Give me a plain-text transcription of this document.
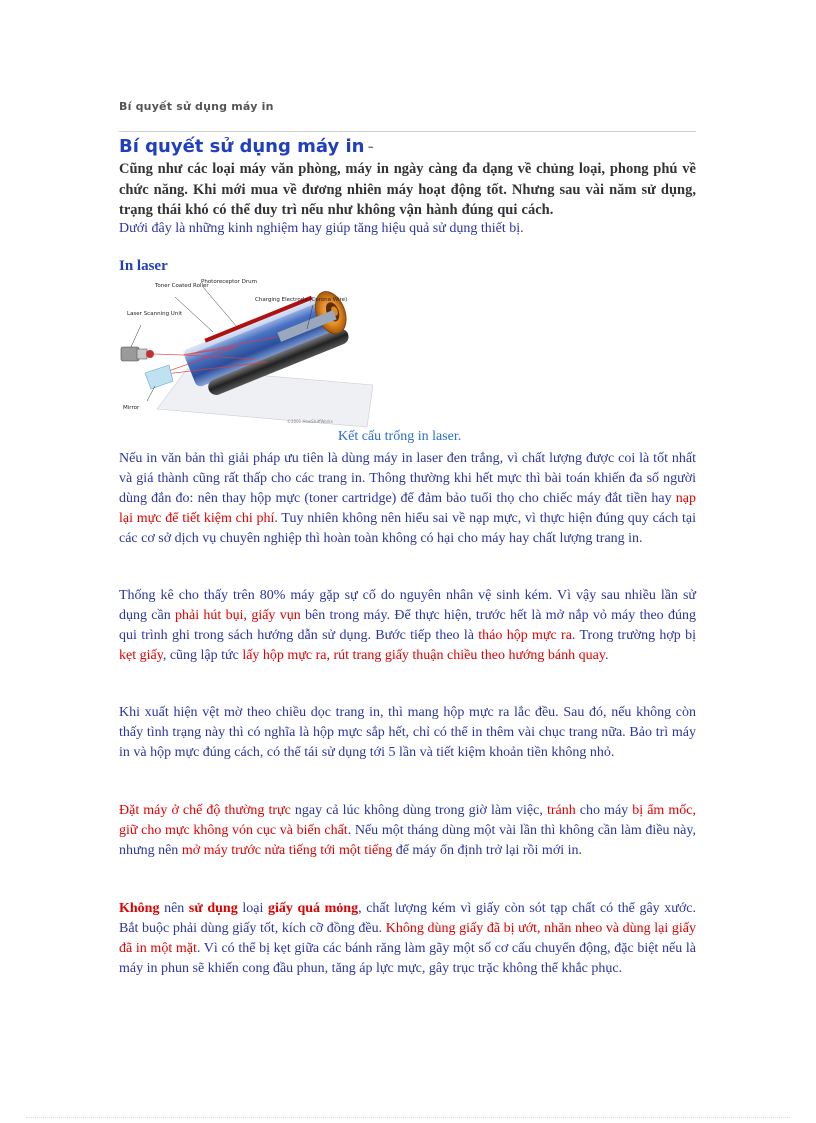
Bí quyết sử dụng máy in
Bí quyết sử dụng máy in -
Cũng như các loại máy văn phòng, máy in ngày càng đa dạng về chủng loại, phong phú về chức năng. Khi mới mua về đương nhiên máy hoạt động tốt. Nhưng sau vài năm sử dụng, trạng thái khó có thể duy trì nếu như không vận hành đúng qui cách.
Dưới đây là những kinh nghiệm hay giúp tăng hiệu quả sử dụng thiết bị.
In laser
Charging Electrode (Corona Wire)
Laser Scanning Unit
Toner Coated Roller
Photoreceptor Drum
Mirror
©2001 HowStuffWorks
Kết cấu trống in laser.

Nếu in văn bản thì giải pháp ưu tiên là dùng máy in laser đen trắng, vì chất lượng được coi là tốt nhất và giá thành cũng rất thấp cho các trang in. Thông thường khi hết mực thì bài toán khiến đa số người dùng đắn đo: nên thay hộp mực (toner cartridge) để đảm bảo tuổi thọ cho chiếc máy đắt tiền hay nạp lại mực để tiết kiệm chi phí. Tuy nhiên không nên hiểu sai về nạp mực, vì thực hiện đúng quy cách tại các cơ sở dịch vụ chuyên nghiệp thì hoàn toàn không có hại cho máy hay chất lượng trang in.

Thống kê cho thấy trên 80% máy gặp sự cố do nguyên nhân vệ sinh kém. Vì vậy sau nhiều lần sử dụng cần phải hút bụi, giấy vụn bên trong máy. Để thực hiện, trước hết là mở nắp vỏ máy theo đúng qui trình ghi trong sách hướng dẫn sử dụng. Bước tiếp theo là tháo hộp mực ra. Trong trường hợp bị kẹt giấy, cũng lập tức lấy hộp mực ra, rút trang giấy thuận chiều theo hướng bánh quay.

Khi xuất hiện vệt mờ theo chiều dọc trang in, thì mang hộp mực ra lắc đều. Sau đó, nếu không còn thấy tình trạng này thì có nghĩa là hộp mực sắp hết, chỉ có thể in thêm vài chục trang nữa. Bảo trì máy in và hộp mực đúng cách, có thể tái sử dụng tới 5 lần và tiết kiệm khoản tiền không nhỏ.

Đặt máy ở chế độ thường trực ngay cả lúc không dùng trong giờ làm việc, tránh cho máy bị ẩm mốc, giữ cho mực không vón cục và biến chất. Nếu một tháng dùng một vài lần thì không cần làm điều này, nhưng nên mở máy trước nửa tiếng tới một tiếng để máy ổn định trở lại rồi mới in.

Không nên sử dụng loại giấy quá mỏng, chất lượng kém vì giấy còn sót tạp chất có thể gây xước. Bắt buộc phải dùng giấy tốt, kích cỡ đồng đều. Không dùng giấy đã bị ướt, nhăn nheo và dùng lại giấy đã in một mặt. Vì có thể bị kẹt giữa các bánh răng làm gãy một số cơ cấu chuyển động, đặc biệt nếu là máy in phun sẽ khiến cong đầu phun, tăng áp lực mực, gây trục trặc không thể khắc phục.
